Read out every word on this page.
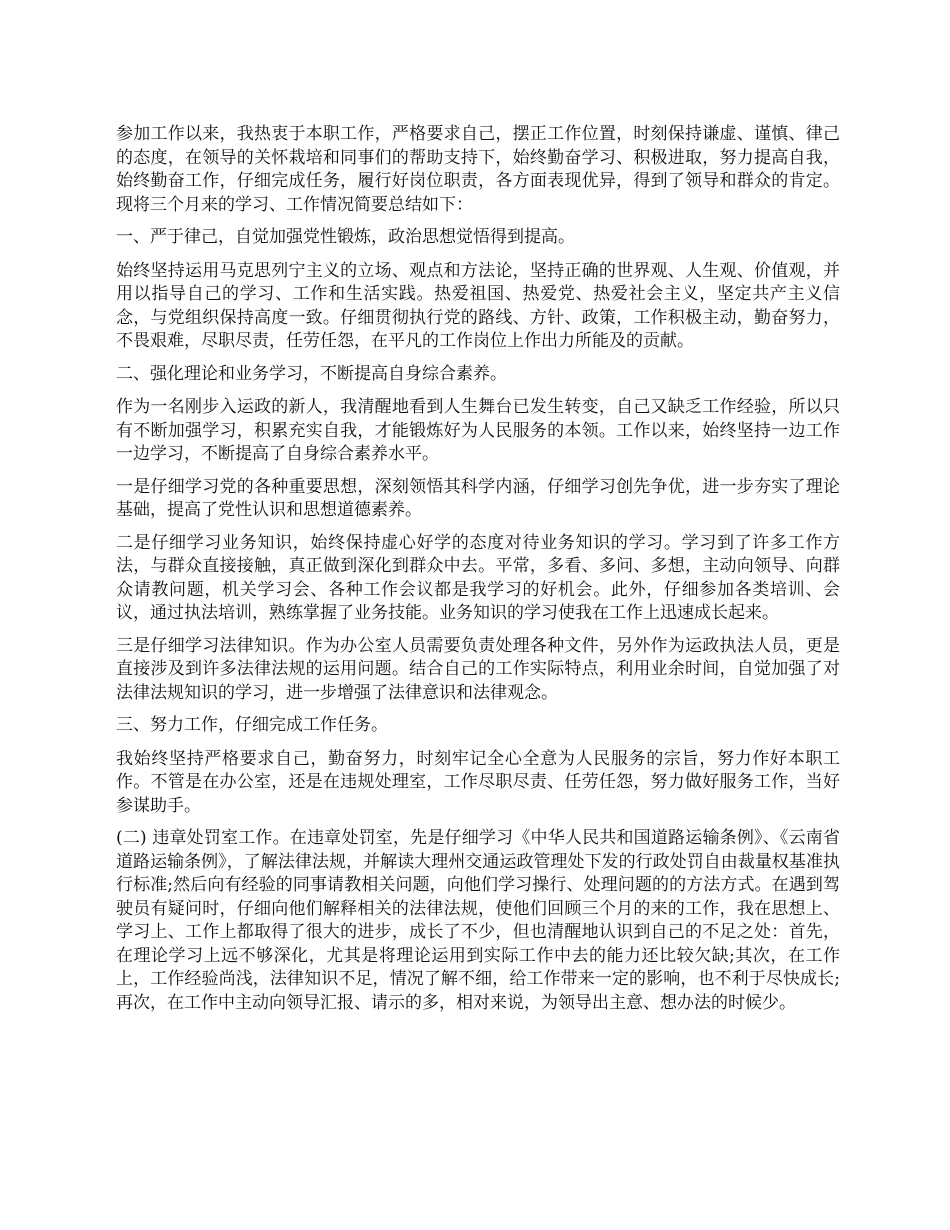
参加工作以来，我热衷于本职工作，严格要求自己，摆正工作位置，时刻保持谦虚、谨慎、律己的态度，在领导的关怀栽培和同事们的帮助支持下，始终勤奋学习、积极进取，努力提高自我，始终勤奋工作，仔细完成任务，履行好岗位职责，各方面表现优异，得到了领导和群众的肯定。现将三个月来的学习、工作情况简要总结如下：

一、严于律己，自觉加强党性锻炼，政治思想觉悟得到提高。

始终坚持运用马克思列宁主义的立场、观点和方法论，坚持正确的世界观、人生观、价值观，并用以指导自己的学习、工作和生活实践。热爱祖国、热爱党、热爱社会主义，坚定共产主义信念，与党组织保持高度一致。仔细贯彻执行党的路线、方针、政策，工作积极主动，勤奋努力，不畏艰难，尽职尽责，任劳任怨，在平凡的工作岗位上作出力所能及的贡献。

二、强化理论和业务学习，不断提高自身综合素养。

作为一名刚步入运政的新人，我清醒地看到人生舞台已发生转变，自己又缺乏工作经验，所以只有不断加强学习，积累充实自我，才能锻炼好为人民服务的本领。工作以来，始终坚持一边工作一边学习，不断提高了自身综合素养水平。

一是仔细学习党的各种重要思想，深刻领悟其科学内涵，仔细学习创先争优，进一步夯实了理论基础，提高了党性认识和思想道德素养。

二是仔细学习业务知识，始终保持虚心好学的态度对待业务知识的学习。学习到了许多工作方法，与群众直接接触，真正做到深化到群众中去。平常，多看、多问、多想，主动向领导、向群众请教问题，机关学习会、各种工作会议都是我学习的好机会。此外，仔细参加各类培训、会议，通过执法培训，熟练掌握了业务技能。业务知识的学习使我在工作上迅速成长起来。

三是仔细学习法律知识。作为办公室人员需要负责处理各种文件，另外作为运政执法人员，更是直接涉及到许多法律法规的运用问题。结合自己的工作实际特点，利用业余时间，自觉加强了对法律法规知识的学习，进一步增强了法律意识和法律观念。

三、努力工作，仔细完成工作任务。

我始终坚持严格要求自己，勤奋努力，时刻牢记全心全意为人民服务的宗旨，努力作好本职工作。不管是在办公室，还是在违规处理室，工作尽职尽责、任劳任怨，努力做好服务工作，当好参谋助手。

(二) 违章处罚室工作。在违章处罚室，先是仔细学习《中华人民共和国道路运输条例》、《云南省道路运输条例》，了解法律法规，并解读大理州交通运政管理处下发的行政处罚自由裁量权基准执行标准;然后向有经验的同事请教相关问题，向他们学习操行、处理问题的的方法方式。在遇到驾驶员有疑问时，仔细向他们解释相关的法律法规，使他们回顾三个月的来的工作，我在思想上、学习上、工作上都取得了很大的进步，成长了不少，但也清醒地认识到自己的不足之处：首先，在理论学习上远不够深化，尤其是将理论运用到实际工作中去的能力还比较欠缺;其次，在工作上，工作经验尚浅，法律知识不足，情况了解不细，给工作带来一定的影响，也不利于尽快成长;再次，在工作中主动向领导汇报、请示的多，相对来说，为领导出主意、想办法的时候少。
